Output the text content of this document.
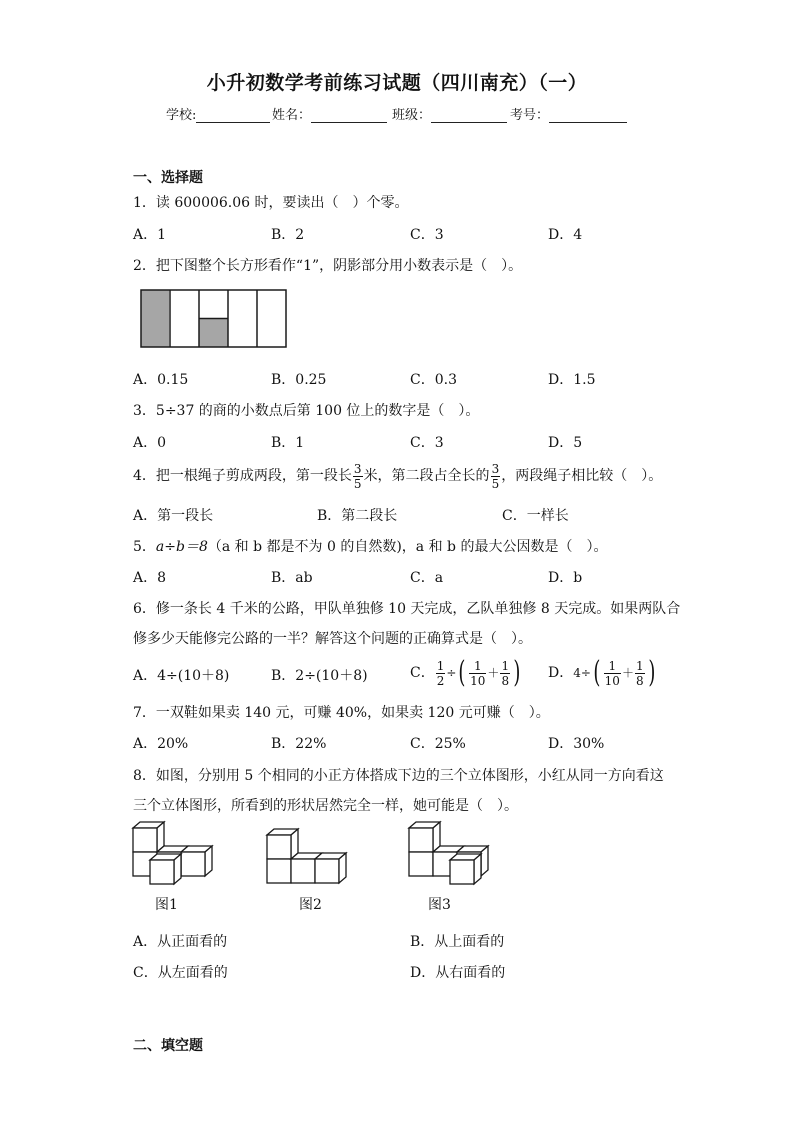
小升初数学考前练习试题（四川南充）（一）
学校:	姓名：	班级：	考号：
一、选择题
1．读 600006.06 时，要读出（　）个零。
A．1	B．2	C．3	D．4
2．把下图整个长方形看作“1”，阴影部分用小数表示是（　）。
A．0.15	B．0.25	C．0.3	D．1.5
3．5÷37 的商的小数点后第 100 位上的数字是（　）。
A．0	B．1	C．3	D．5
4．把一根绳子剪成两段，第一段长 $\frac{3}{5}$ 米，第二段占全长的 $\frac{3}{5}$ ，两段绳子相比较（　）。
A．第一段长	B．第二段长	C．一样长
5．a÷b＝8（a 和 b 都是不为 0 的自然数)，a 和 b 的最大公因数是（　）。
A．8	B．ab	C．a	D．b
6．修一条长 4 千米的公路，甲队单独修 10 天完成，乙队单独修 8 天完成。如果两队合
修多少天能修完公路的一半？解答这个问题的正确算式是（　）。
A．4÷(10＋8)	B．2÷(10＋8)	C． $\frac{1}{2}$ ÷( $\frac{1}{10} + \frac{1}{8}$ ) D．$4\div( \frac{1}{10} + \frac{1}{8}$ )
7．一双鞋如果卖 140 元，可赚 40%，如果卖 120 元可赚（　）。
A．20%	B．22%	C．25%	D．30%
8．如图，分别用 5 个相同的小正方体搭成下边的三个立体图形，小红从同一方向看这
三个立体图形，所看到的形状居然完全一样，她可能是（　）。
图1	图2	图3
A．从正面看的	B．从上面看的
C．从左面看的	D．从右面看的
二、填空题
